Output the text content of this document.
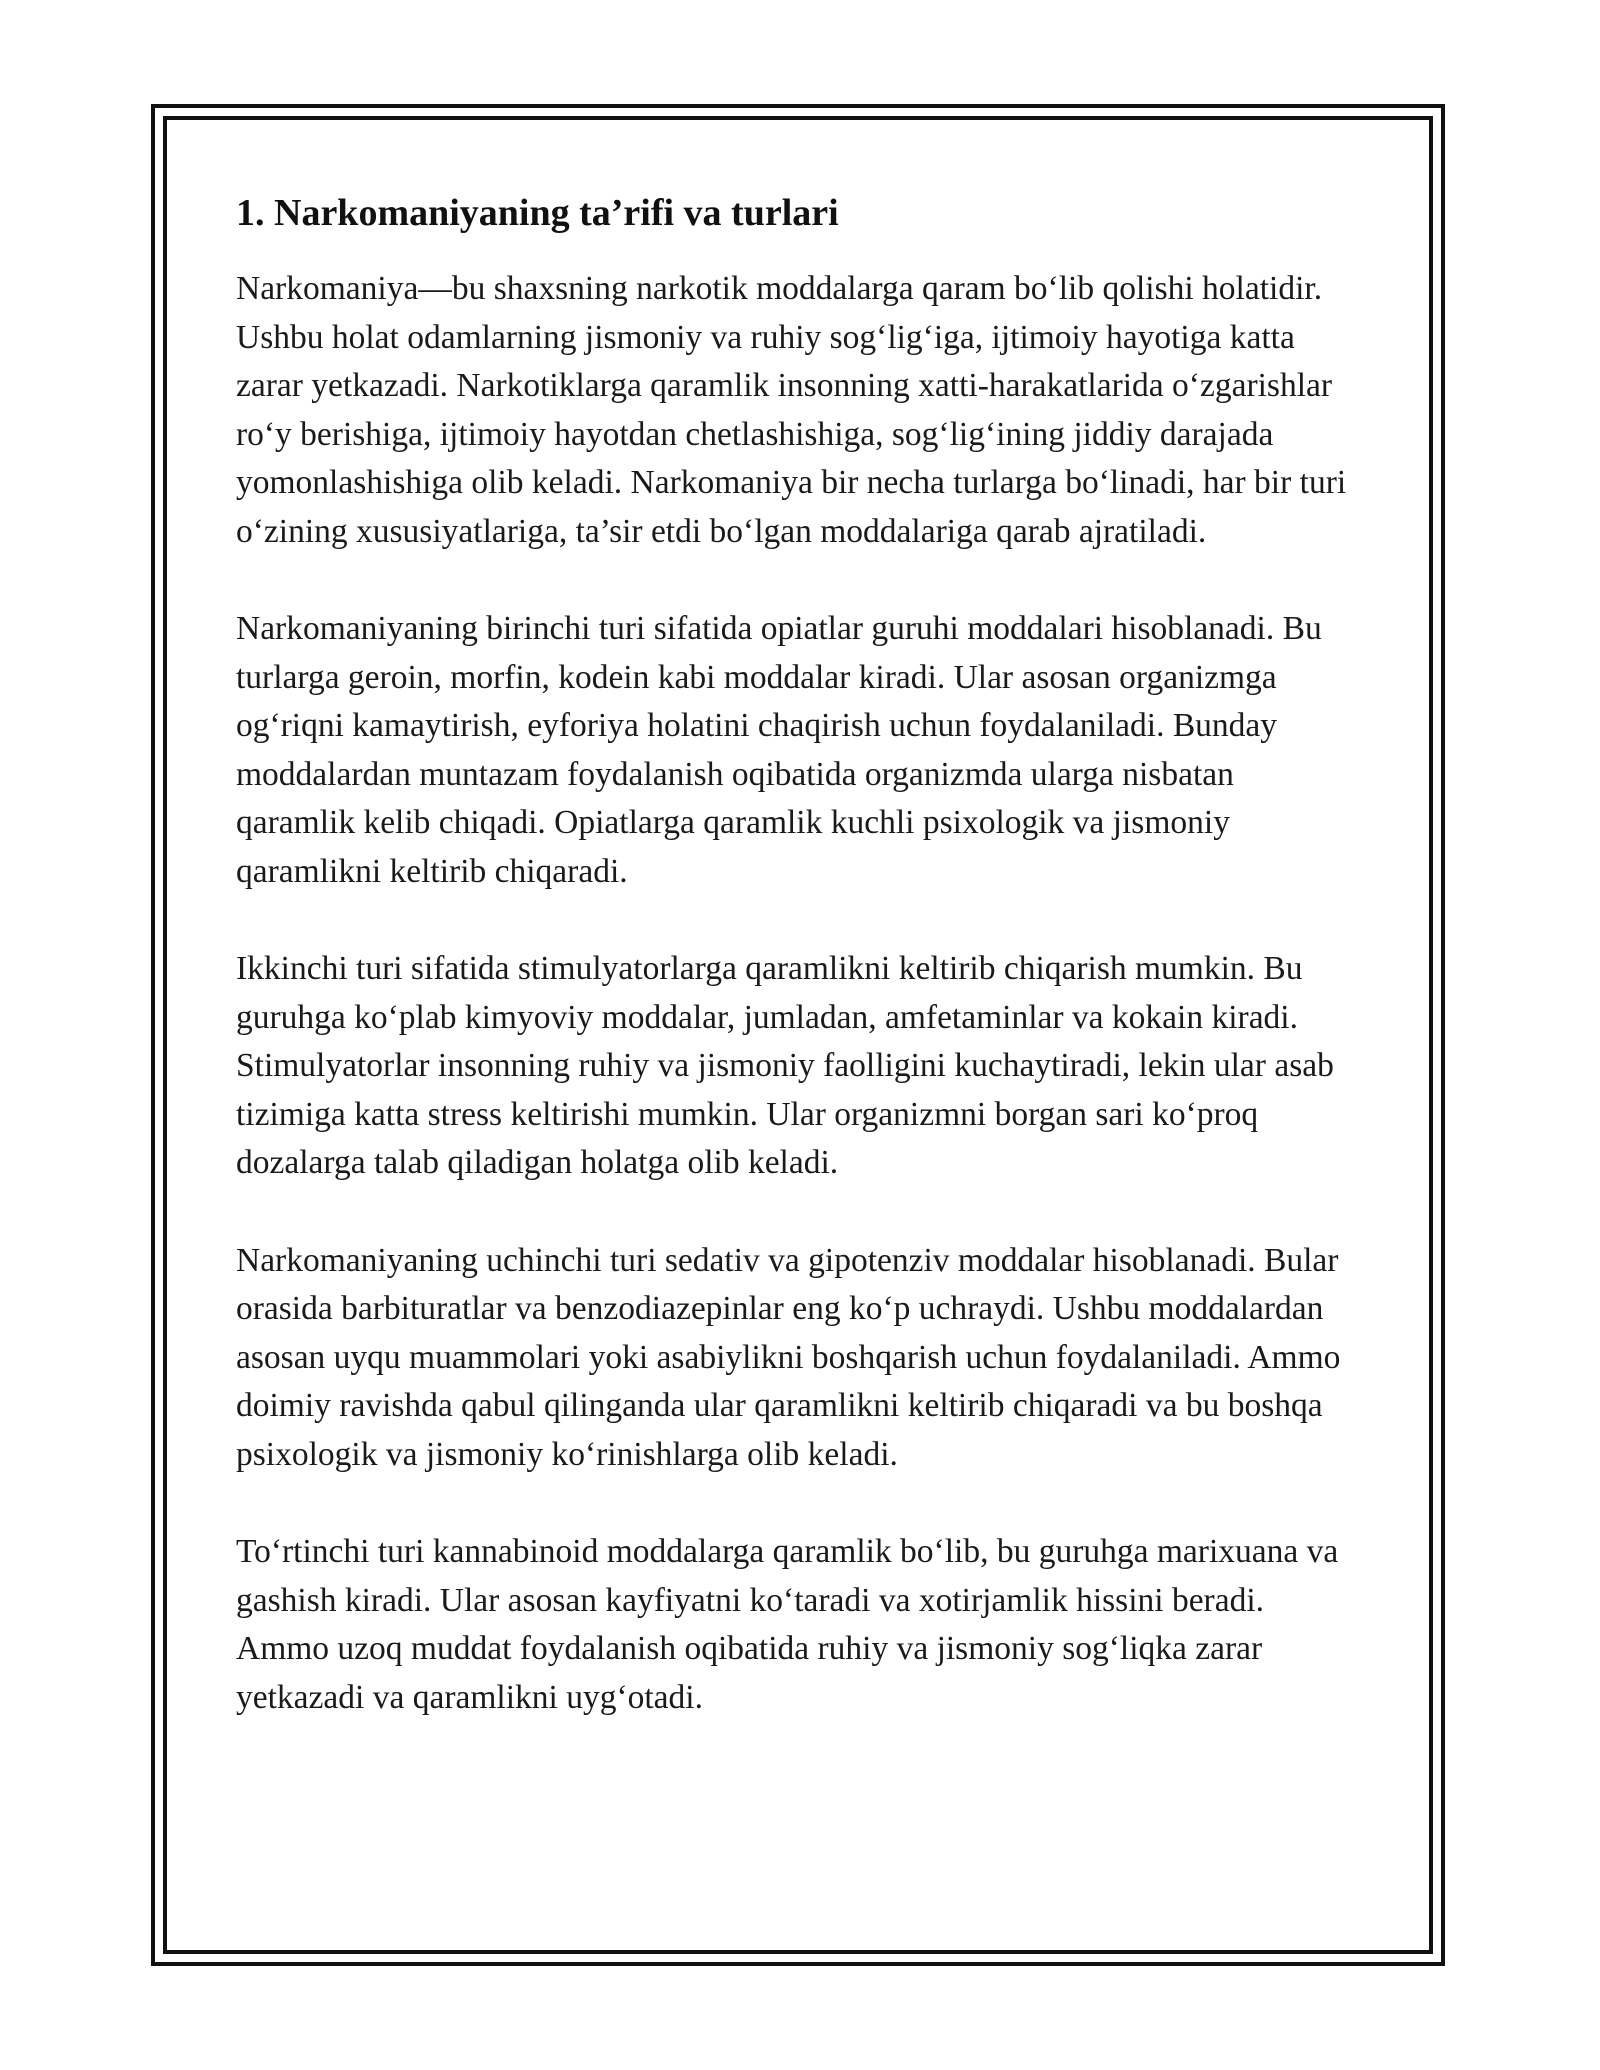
1. Narkomaniyaning ta’rifi va turlari

Narkomaniya—bu shaxsning narkotik moddalarga qaram bo‘lib qolishi holatidir. Ushbu holat odamlarning jismoniy va ruhiy sog‘lig‘iga, ijtimoiy hayotiga katta zarar yetkazadi. Narkotiklarga qaramlik insonning xatti-harakatlarida o‘zgarishlar ro‘y berishiga, ijtimoiy hayotdan chetlashishiga, sog‘lig‘ining jiddiy darajada yomonlashishiga olib keladi. Narkomaniya bir necha turlarga bo‘linadi, har bir turi o‘zining xususiyatlariga, ta’sir etdi bo‘lgan moddalariga qarab ajratiladi.

Narkomaniyaning birinchi turi sifatida opiatlar guruhi moddalari hisoblanadi. Bu turlarga geroin, morfin, kodein kabi moddalar kiradi. Ular asosan organizmga og‘riqni kamaytirish, eyforiya holatini chaqirish uchun foydalaniladi. Bunday moddalardan muntazam foydalanish oqibatida organizmda ularga nisbatan qaramlik kelib chiqadi. Opiatlarga qaramlik kuchli psixologik va jismoniy qaramlikni keltirib chiqaradi.

Ikkinchi turi sifatida stimulyatorlarga qaramlikni keltirib chiqarish mumkin. Bu guruhga ko‘plab kimyoviy moddalar, jumladan, amfetaminlar va kokain kiradi. Stimulyatorlar insonning ruhiy va jismoniy faolligini kuchaytiradi, lekin ular asab tizimiga katta stress keltirishi mumkin. Ular organizmni borgan sari ko‘proq dozalarga talab qiladigan holatga olib keladi.

Narkomaniyaning uchinchi turi sedativ va gipotenziv moddalar hisoblanadi. Bular orasida barbituratlar va benzodiazepinlar eng ko‘p uchraydi. Ushbu moddalardan asosan uyqu muammolari yoki asabiylikni boshqarish uchun foydalaniladi. Ammo doimiy ravishda qabul qilinganda ular qaramlikni keltirib chiqaradi va bu boshqa psixologik va jismoniy ko‘rinishlarga olib keladi.

To‘rtinchi turi kannabinoid moddalarga qaramlik bo‘lib, bu guruhga marixuana va gashish kiradi. Ular asosan kayfiyatni ko‘taradi va xotirjamlik hissini beradi. Ammo uzoq muddat foydalanish oqibatida ruhiy va jismoniy sog‘liqka zarar yetkazadi va qaramlikni uyg‘otadi.
